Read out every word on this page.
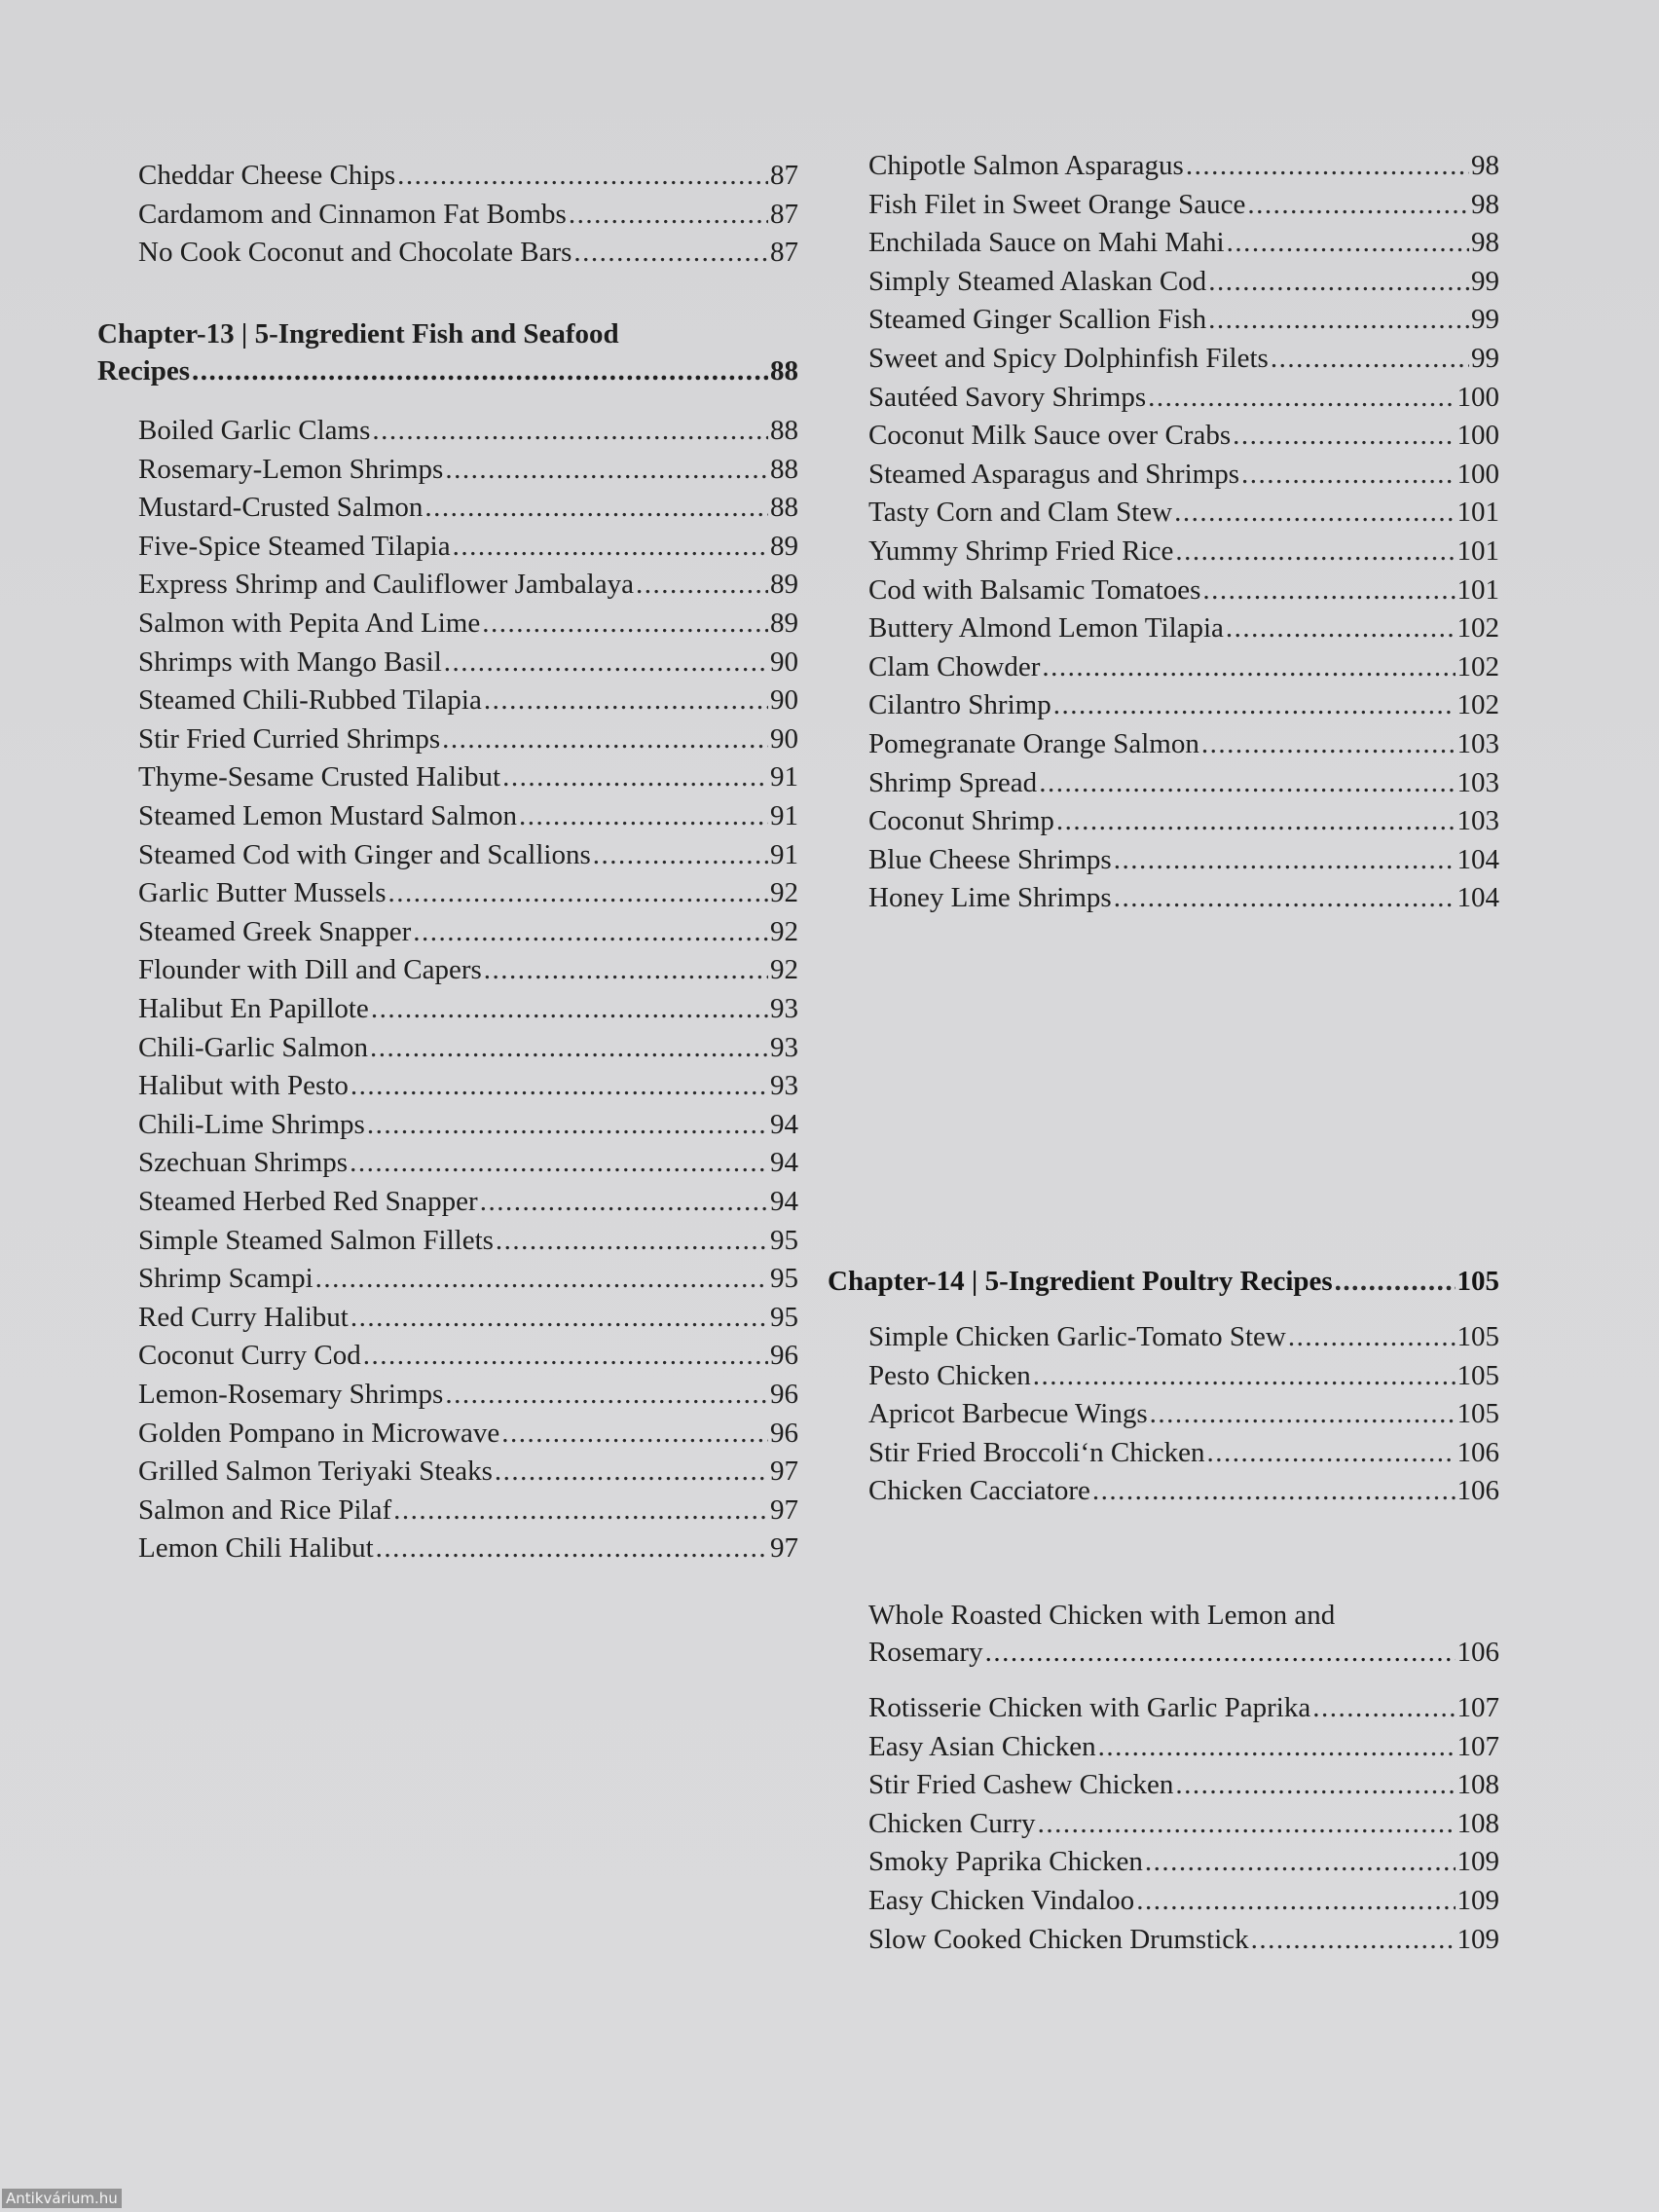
Cheddar Cheese Chips .....	87
Cardamom and Cinnamon Fat Bombs .....	87
No Cook Coconut and Chocolate Bars .....	87
Chapter-13 | 5-Ingredient Fish and Seafood
Recipes .....	88
Boiled Garlic Clams .....	88
Rosemary-Lemon Shrimps .....	88
Mustard-Crusted Salmon .....	88
Five-Spice Steamed Tilapia .....	89
Express Shrimp and Cauliflower Jambalaya .....	89
Salmon with Pepita And Lime .....	89
Shrimps with Mango Basil .....	90
Steamed Chili-Rubbed Tilapia .....	90
Stir Fried Curried Shrimps .....	90
Thyme-Sesame Crusted Halibut .....	91
Steamed Lemon Mustard Salmon .....	91
Steamed Cod with Ginger and Scallions .....	91
Garlic Butter Mussels .....	92
Steamed Greek Snapper .....	92
Flounder with Dill and Capers .....	92
Halibut En Papillote .....	93
Chili-Garlic Salmon .....	93
Halibut with Pesto .....	93
Chili-Lime Shrimps .....	94
Szechuan Shrimps .....	94
Steamed Herbed Red Snapper .....	94
Simple Steamed Salmon Fillets .....	95
Shrimp Scampi .....	95
Red Curry Halibut .....	95
Coconut Curry Cod .....	96
Lemon-Rosemary Shrimps .....	96
Golden Pompano in Microwave .....	96
Grilled Salmon Teriyaki Steaks .....	97
Salmon and Rice Pilaf .....	97
Lemon Chili Halibut .....	97
Chipotle Salmon Asparagus .....	98
Fish Filet in Sweet Orange Sauce .....	98
Enchilada Sauce on Mahi Mahi .....	98
Simply Steamed Alaskan Cod .....	99
Steamed Ginger Scallion Fish .....	99
Sweet and Spicy Dolphinfish Filets .....	99
Sautéed Savory Shrimps .....	100
Coconut Milk Sauce over Crabs .....	100
Steamed Asparagus and Shrimps .....	100
Tasty Corn and Clam Stew .....	101
Yummy Shrimp Fried Rice .....	101
Cod with Balsamic Tomatoes .....	101
Buttery Almond Lemon Tilapia .....	102
Clam Chowder .....	102
Cilantro Shrimp .....	102
Pomegranate Orange Salmon .....	103
Shrimp Spread .....	103
Coconut Shrimp .....	103
Blue Cheese Shrimps .....	104
Honey Lime Shrimps .....	104
Chapter-14 | 5-Ingredient Poultry Recipes .....	105
Simple Chicken Garlic-Tomato Stew .....	105
Pesto Chicken .....	105
Apricot Barbecue Wings .....	105
Stir Fried Broccoli‘n Chicken .....	106
Chicken Cacciatore .....	106
Whole Roasted Chicken with Lemon and
Rosemary .....	106
Rotisserie Chicken with Garlic Paprika .....	107
Easy Asian Chicken .....	107
Stir Fried Cashew Chicken .....	108
Chicken Curry .....	108
Smoky Paprika Chicken .....	109
Easy Chicken Vindaloo .....	109
Slow Cooked Chicken Drumstick .....	109
Antikvárium.hu
